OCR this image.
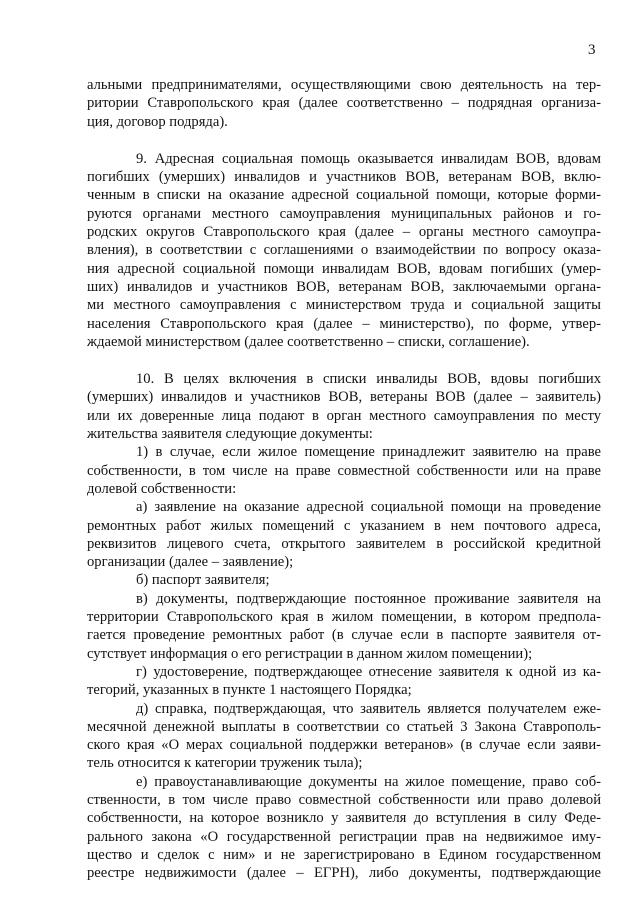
3
альными предпринимателями, осуществляющими свою деятельность на тер-
ритории Ставропольского края (далее соответственно – подрядная организа-
ция, договор подряда).
9. Адресная социальная помощь оказывается инвалидам ВОВ, вдовам
погибших (умерших) инвалидов и участников ВОВ, ветеранам ВОВ, вклю-
ченным в списки на оказание адресной социальной помощи, которые форми-
руются органами местного самоуправления муниципальных районов и го-
родских округов Ставропольского края (далее – органы местного самоупра-
вления), в соответствии с соглашениями о взаимодействии по вопросу оказа-
ния адресной социальной помощи инвалидам ВОВ, вдовам погибших (умер-
ших) инвалидов и участников ВОВ, ветеранам ВОВ, заключаемыми органа-
ми местного самоуправления с министерством труда и социальной защиты
населения Ставропольского края (далее – министерство), по форме, утвер-
ждаемой министерством (далее соответственно – списки, соглашение).
10. В целях включения в списки инвалиды ВОВ, вдовы погибших
(умерших) инвалидов и участников ВОВ, ветераны ВОВ (далее – заявитель)
или их доверенные лица подают в орган местного самоуправления по месту
жительства заявителя следующие документы:
1) в случае, если жилое помещение принадлежит заявителю на праве
собственности, в том числе на праве совместной собственности или на праве
долевой собственности:
а) заявление на оказание адресной социальной помощи на проведение
ремонтных работ жилых помещений с указанием в нем почтового адреса,
реквизитов лицевого счета, открытого заявителем в российской кредитной
организации (далее – заявление);
б) паспорт заявителя;
в) документы, подтверждающие постоянное проживание заявителя на
территории Ставропольского края в жилом помещении, в котором предпола-
гается проведение ремонтных работ (в случае если в паспорте заявителя от-
сутствует информация о его регистрации в данном жилом помещении);
г) удостоверение, подтверждающее отнесение заявителя к одной из ка-
тегорий, указанных в пункте 1 настоящего Порядка;
д) справка, подтверждающая, что заявитель является получателем еже-
месячной денежной выплаты в соответствии со статьей 3 Закона Ставрополь-
ского края «О мерах социальной поддержки ветеранов» (в случае если заяви-
тель относится к категории труженик тыла);
е) правоустанавливающие документы на жилое помещение, право соб-
ственности, в том числе право совместной собственности или право долевой
собственности, на которое возникло у заявителя до вступления в силу Феде-
рального закона «О государственной регистрации прав на недвижимое иму-
щество и сделок с ним» и не зарегистрировано в Едином государственном
реестре недвижимости (далее – ЕГРН), либо документы, подтверждающие
